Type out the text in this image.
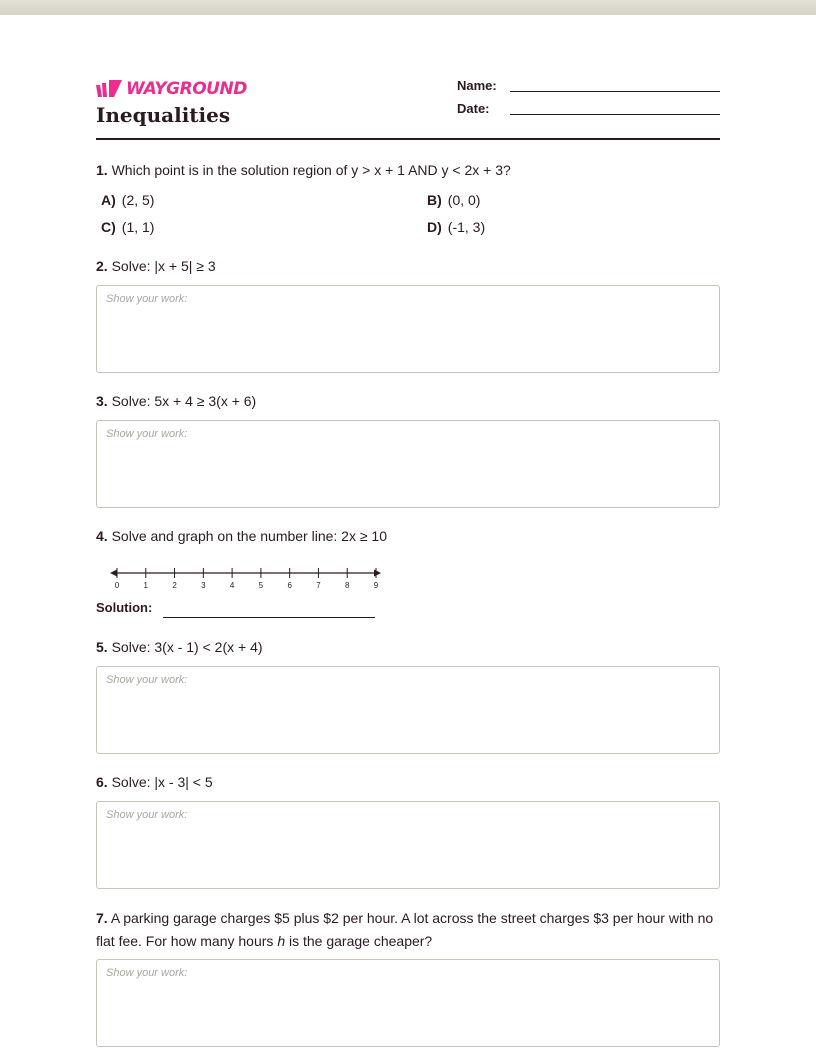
WAYGROUND
Inequalities
Name:
Date:
1. Which point is in the solution region of y > x + 1 AND y < 2x + 3?
A) (2, 5)	B) (0, 0)
C) (1, 1)	D) (-1, 3)
2. Solve: |x + 5| ≥ 3
Show your work:
3. Solve: 5x + 4 ≥ 3(x + 6)
Show your work:
4. Solve and graph on the number line: 2x ≥ 10
0	1	2	3	4	5	6	7	8	9
Solution:
5. Solve: 3(x - 1) < 2(x + 4)
Show your work:
6. Solve: |x - 3| < 5
Show your work:
7. A parking garage charges $5 plus $2 per hour. A lot across the street charges $3 per hour with no flat fee. For how many hours h is the garage cheaper?
Show your work:
